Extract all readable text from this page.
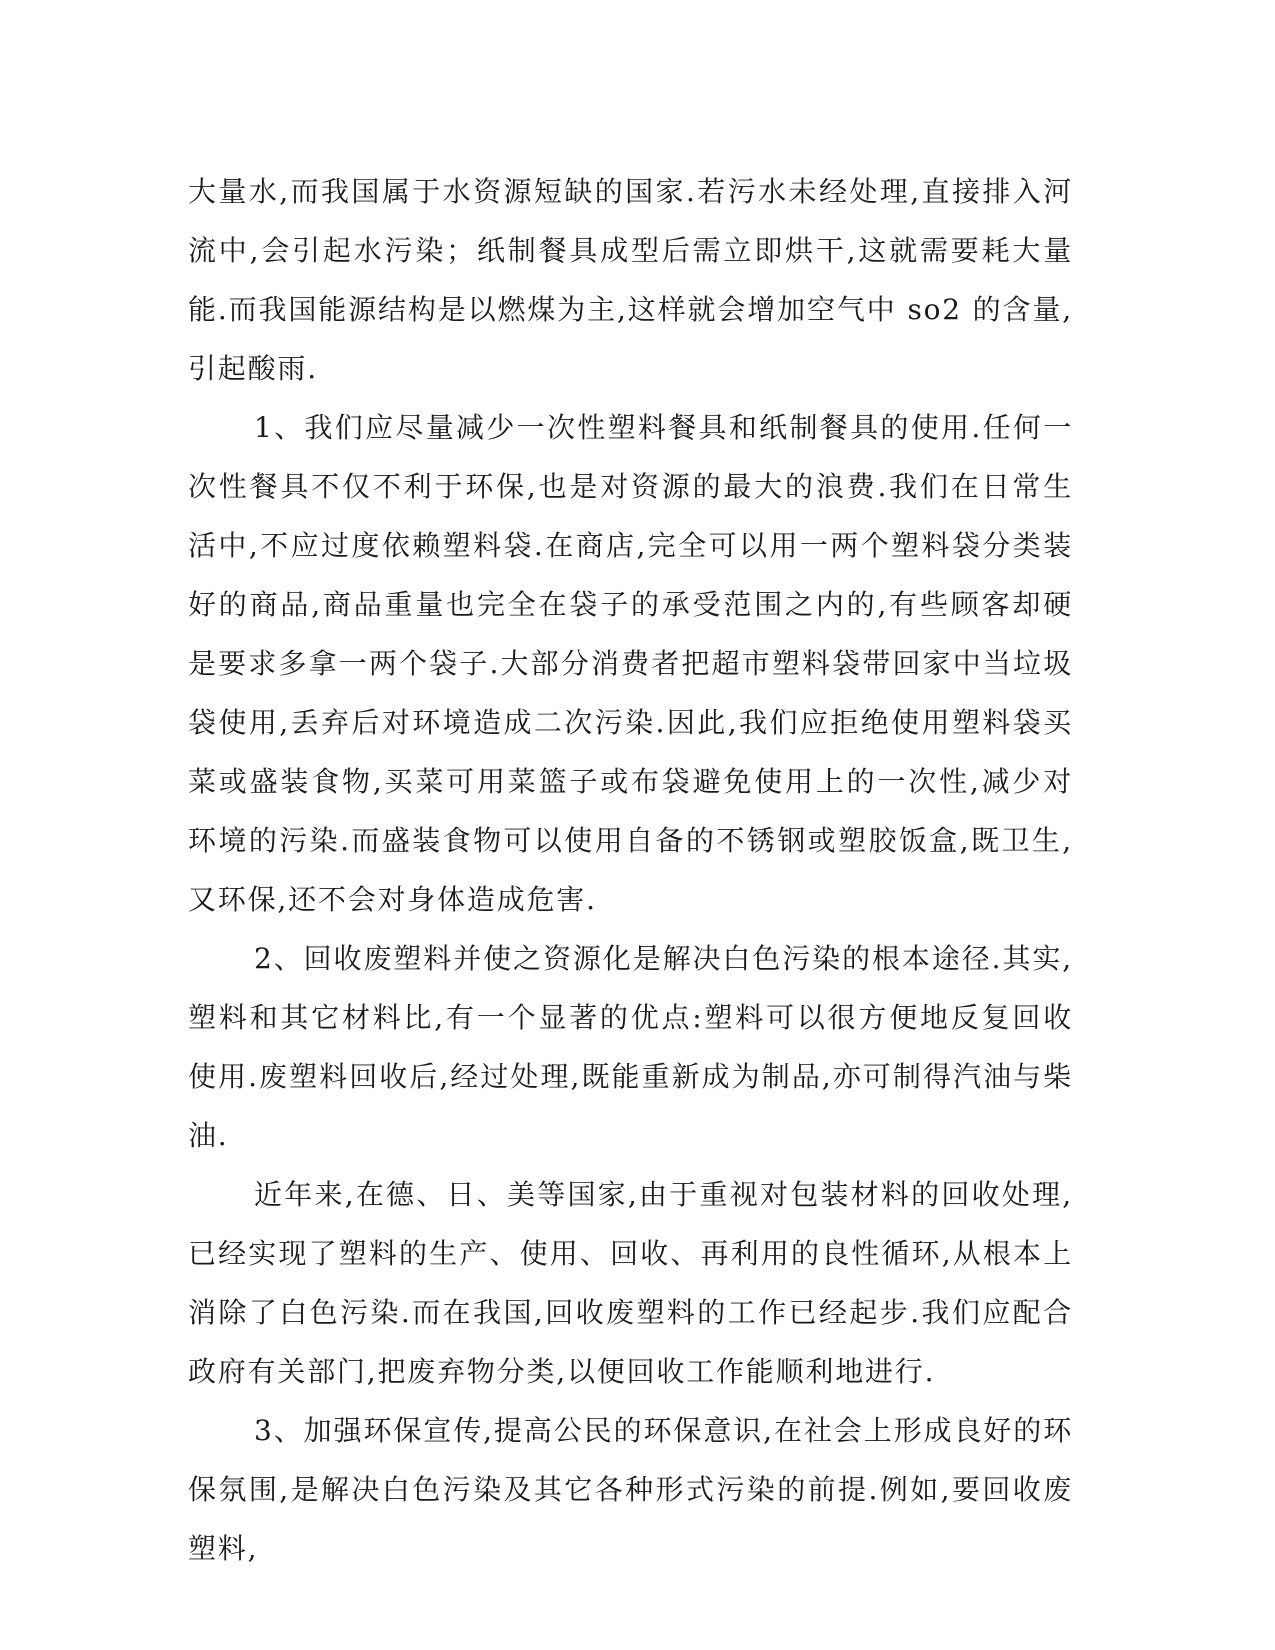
大量水,而我国属于水资源短缺的国家.若污水未经处理,直接排入河流中,会引起水污染；纸制餐具成型后需立即烘干,这就需要耗大量能.而我国能源结构是以燃煤为主,这样就会增加空气中 so2 的含量,引起酸雨.

1、我们应尽量减少一次性塑料餐具和纸制餐具的使用.任何一次性餐具不仅不利于环保,也是对资源的最大的浪费.我们在日常生活中,不应过度依赖塑料袋.在商店,完全可以用一两个塑料袋分类装好的商品,商品重量也完全在袋子的承受范围之内的,有些顾客却硬是要求多拿一两个袋子.大部分消费者把超市塑料袋带回家中当垃圾袋使用,丢弃后对环境造成二次污染.因此,我们应拒绝使用塑料袋买菜或盛装食物,买菜可用菜篮子或布袋避免使用上的一次性,减少对环境的污染.而盛装食物可以使用自备的不锈钢或塑胶饭盒,既卫生,又环保,还不会对身体造成危害.

2、回收废塑料并使之资源化是解决白色污染的根本途径.其实,塑料和其它材料比,有一个显著的优点:塑料可以很方便地反复回收使用.废塑料回收后,经过处理,既能重新成为制品,亦可制得汽油与柴油.

近年来,在德、日、美等国家,由于重视对包装材料的回收处理,已经实现了塑料的生产、使用、回收、再利用的良性循环,从根本上消除了白色污染.而在我国,回收废塑料的工作已经起步.我们应配合政府有关部门,把废弃物分类,以便回收工作能顺利地进行.

3、加强环保宣传,提高公民的环保意识,在社会上形成良好的环保氛围,是解决白色污染及其它各种形式污染的前提.例如,要回收废塑料,
